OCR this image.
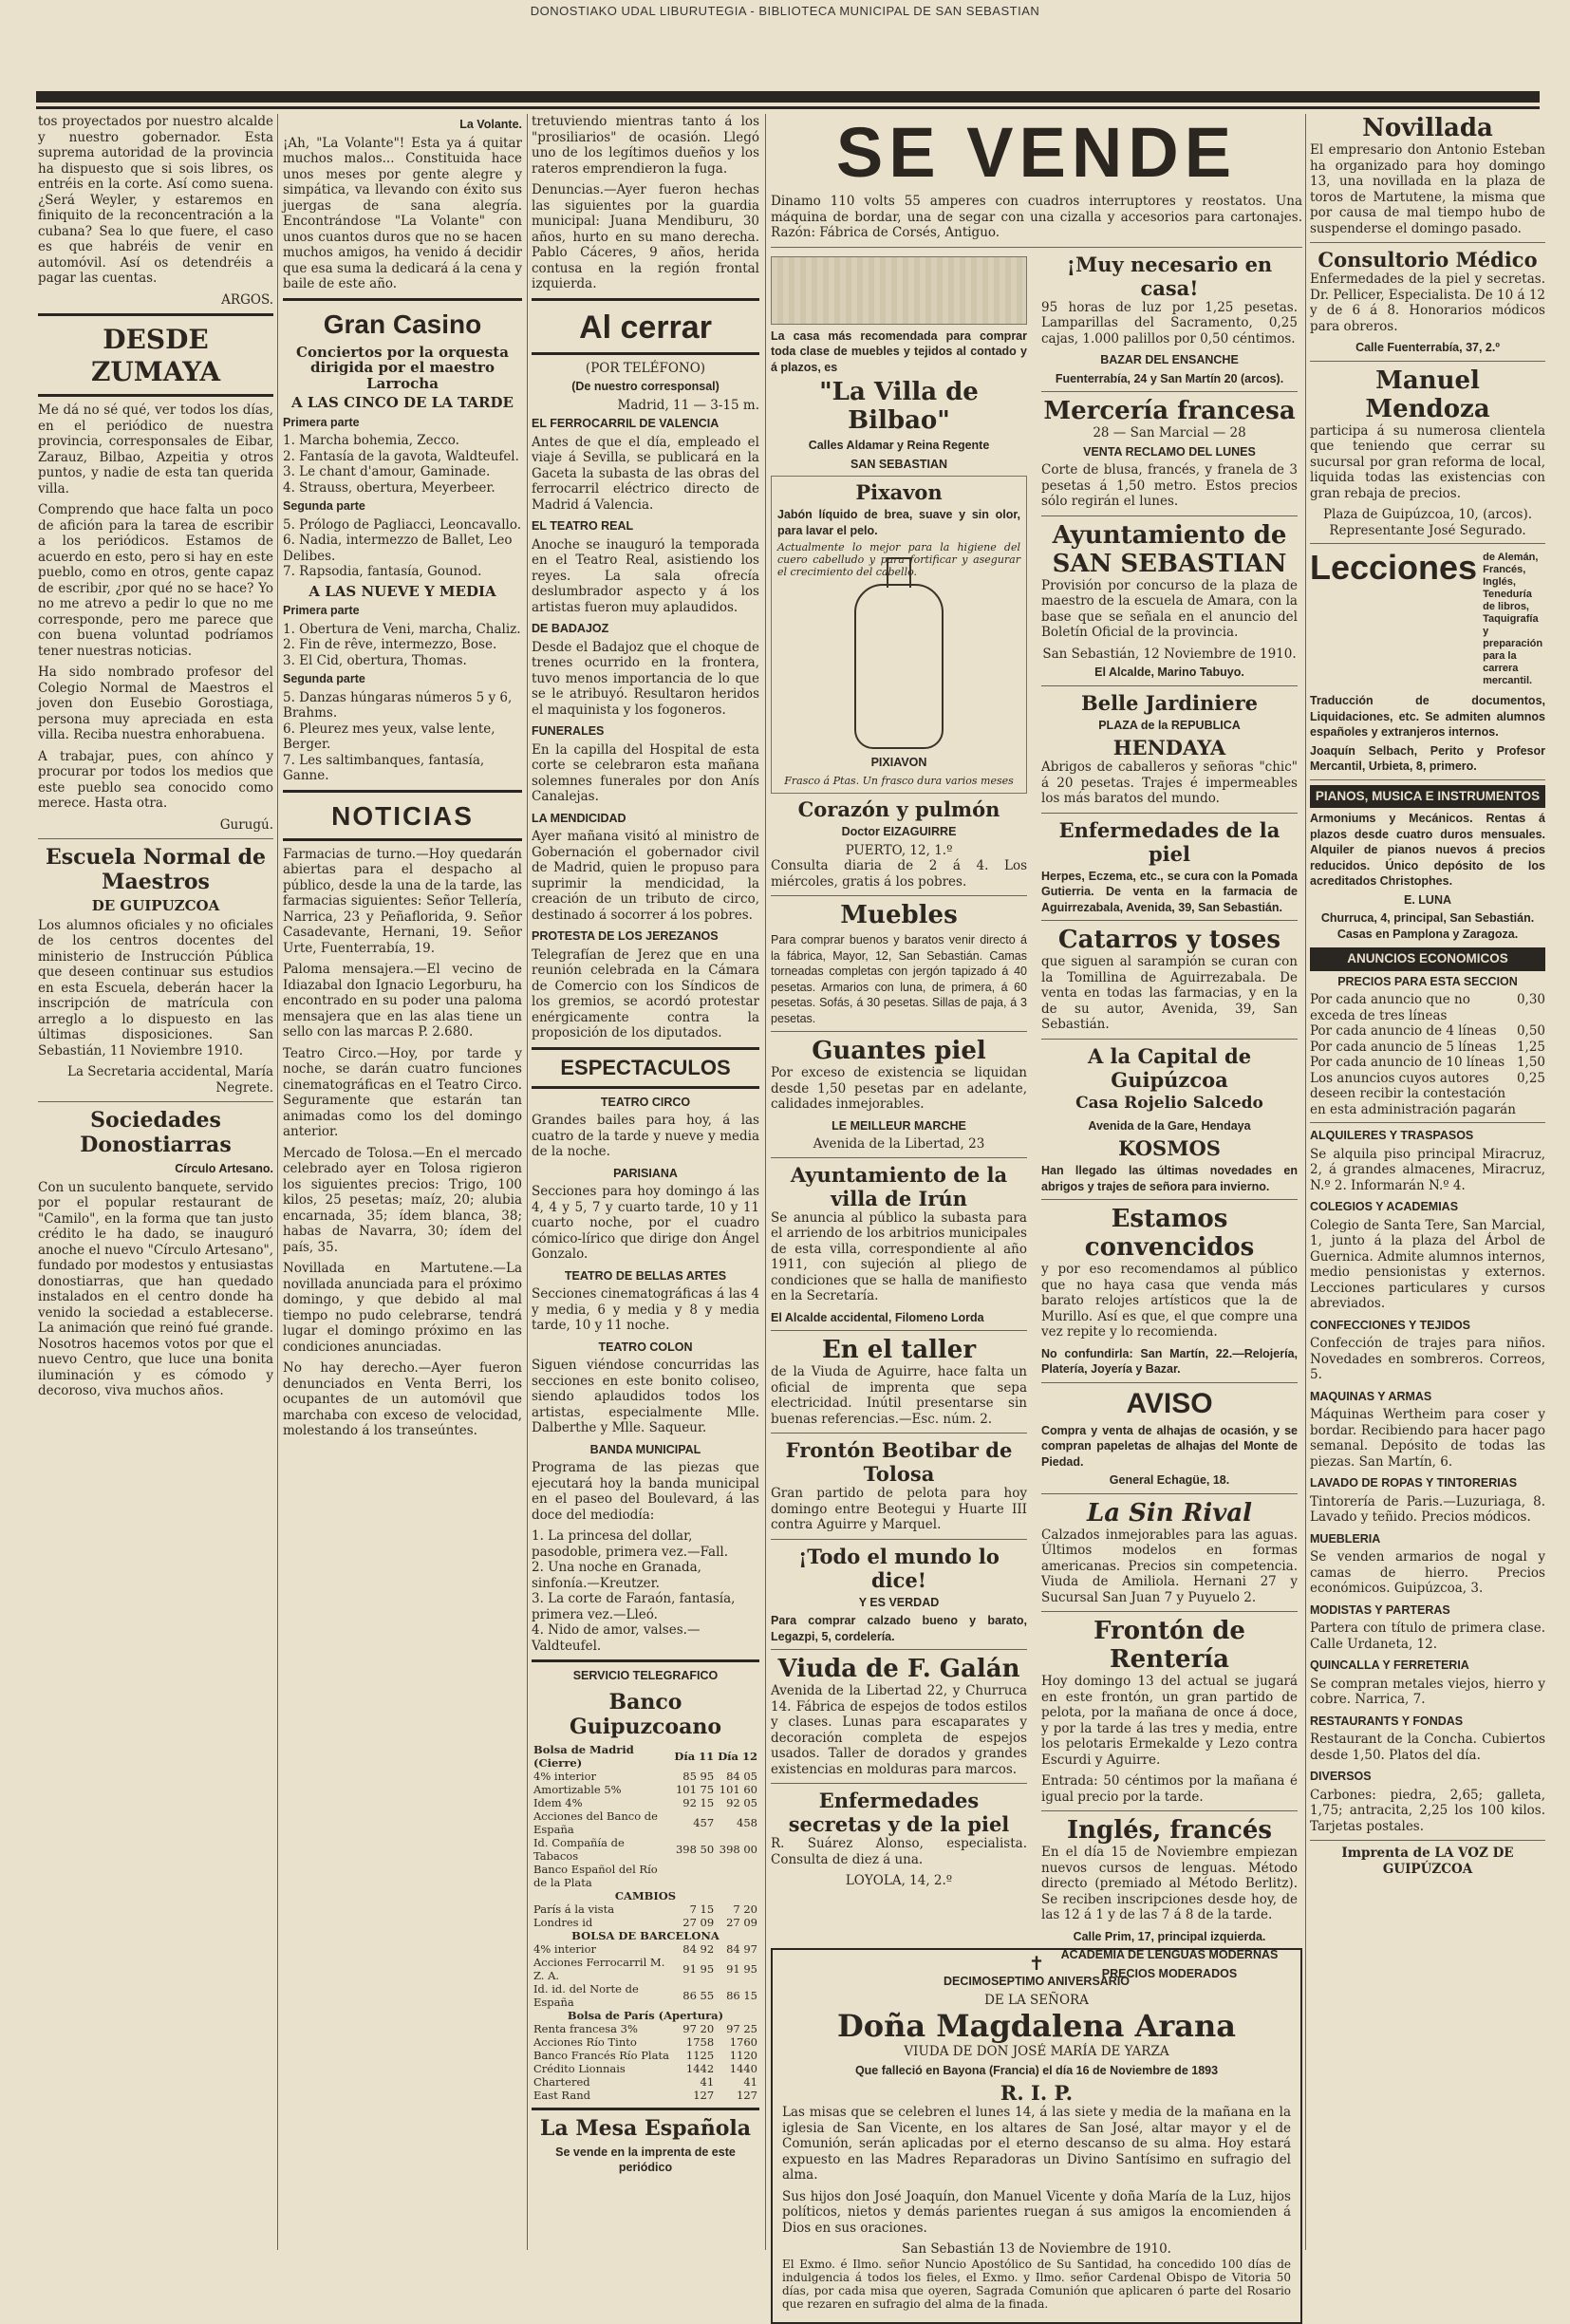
DONOSTIAKO UDAL LIBURUTEGIA - BIBLIOTECA MUNICIPAL DE SAN SEBASTIAN

tos proyectados por nuestro alcalde y nuestro gobernador. Esta suprema autoridad de la provincia ha dispuesto que si sois libres, os entréis en la corte. Así como suena. ¿Será Weyler, y estaremos en finiquito de la reconcentración a la cubana? Sea lo que fuere, el caso es que habréis de venir en automóvil. Así os detendréis a pagar las cuentas.

ARGOS.

DESDE ZUMAYA

Me dá no sé qué, ver todos los días, en el periódico de nuestra provincia, corresponsales de Eibar, Zarauz, Bilbao, Azpeitia y otros puntos, y nadie de esta tan querida villa.

Comprendo que hace falta un poco de afición para la tarea de escribir a los periódicos. Estamos de acuerdo en esto, pero si hay en este pueblo, como en otros, gente capaz de escribir, ¿por qué no se hace? Yo no me atrevo a pedir lo que no me corresponde, pero me parece que con buena voluntad podríamos tener nuestras noticias.

Ha sido nombrado profesor del Colegio Normal de Maestros el joven don Eusebio Gorostiaga, persona muy apreciada en esta villa. Reciba nuestra enhorabuena.

A trabajar, pues, con ahínco y procurar por todos los medios que este pueblo sea conocido como merece. Hasta otra.

Gurugú.

Escuela Normal de Maestros
DE GUIPUZCOA

Los alumnos oficiales y no oficiales de los centros docentes del ministerio de Instrucción Pública que deseen continuar sus estudios en esta Escuela, deberán hacer la inscripción de matrícula con arreglo a lo dispuesto en las últimas disposiciones. San Sebastián, 11 Noviembre 1910.

La Secretaria accidental, María Negrete.

Sociedades Donostiarras
Círculo Artesano.

Con un suculento banquete, servido por el popular restaurant de "Camilo", en la forma que tan justo crédito le ha dado, se inauguró anoche el nuevo "Círculo Artesano", fundado por modestos y entusiastas donostiarras, que han quedado instalados en el centro donde ha venido la sociedad a establecerse. La animación que reinó fué grande. Nosotros hacemos votos por que el nuevo Centro, que luce una bonita iluminación y es cómodo y decoroso, viva muchos años.

La Volante.

¡Ah, "La Volante"! Esta ya á quitar muchos malos... Constituida hace unos meses por gente alegre y simpática, va llevando con éxito sus juergas de sana alegría. Encontrándose "La Volante" con unos cuantos duros que no se hacen muchos amigos, ha venido á decidir que esa suma la dedicará á la cena y baile de este año.

Gran Casino
Conciertos por la orquesta dirigida por el maestro Larrocha
A LAS CINCO DE LA TARDE
Primera parte
1. Marcha bohemia, Zecco.
2. Fantasía de la gavota, Waldteufel.
3. Le chant d'amour, Gaminade.
4. Strauss, obertura, Meyerbeer.
Segunda parte
5. Prólogo de Pagliacci, Leoncavallo.
6. Nadia, intermezzo de Ballet, Leo Delibes.
7. Rapsodia, fantasía, Gounod.
A LAS NUEVE Y MEDIA
Primera parte
1. Obertura de Veni, marcha, Chaliz.
2. Fin de rêve, intermezzo, Bose.
3. El Cid, obertura, Thomas.
Segunda parte
5. Danzas húngaras números 5 y 6, Brahms.
6. Pleurez mes yeux, valse lente, Berger.
7. Les saltimbanques, fantasía, Ganne.
NOTICIAS

Farmacias de turno.—Hoy quedarán abiertas para el despacho al público, desde la una de la tarde, las farmacias siguientes: Señor Tellería, Narrica, 23 y Peñaflorida, 9. Señor Casadevante, Hernani, 19. Señor Urte, Fuenterrabía, 19.

Paloma mensajera.—El vecino de Idiazabal don Ignacio Legorburu, ha encontrado en su poder una paloma mensajera que en las alas tiene un sello con las marcas P. 2.680.

Teatro Circo.—Hoy, por tarde y noche, se darán cuatro funciones cinematográficas en el Teatro Circo. Seguramente que estarán tan animadas como los del domingo anterior.

Mercado de Tolosa.—En el mercado celebrado ayer en Tolosa rigieron los siguientes precios: Trigo, 100 kilos, 25 pesetas; maíz, 20; alubia encarnada, 35; ídem blanca, 38; habas de Navarra, 30; ídem del país, 35.

Novillada en Martutene.—La novillada anunciada para el próximo domingo, y que debido al mal tiempo no pudo celebrarse, tendrá lugar el domingo próximo en las condiciones anunciadas.

No hay derecho.—Ayer fueron denunciados en Venta Berri, los ocupantes de un automóvil que marchaba con exceso de velocidad, molestando á los transeúntes.

tretuviendo mientras tanto á los "prosiliarios" de ocasión. Llegó uno de los legítimos dueños y los rateros emprendieron la fuga.

Denuncias.—Ayer fueron hechas las siguientes por la guardia municipal: Juana Mendiburu, 30 años, hurto en su mano derecha. Pablo Cáceres, 9 años, herida contusa en la región frontal izquierda.

Al cerrar
(POR TELÉFONO)
(De nuestro corresponsal)
Madrid, 11 — 3-15 m.
EL FERROCARRIL DE VALENCIA

Antes de que el día, empleado el viaje á Sevilla, se publicará en la Gaceta la subasta de las obras del ferrocarril eléctrico directo de Madrid á Valencia.

EL TEATRO REAL

Anoche se inauguró la temporada en el Teatro Real, asistiendo los reyes. La sala ofrecía deslumbrador aspecto y á los artistas fueron muy aplaudidos.

DE BADAJOZ

Desde el Badajoz que el choque de trenes ocurrido en la frontera, tuvo menos importancia de lo que se le atribuyó. Resultaron heridos el maquinista y los fogoneros.

FUNERALES

En la capilla del Hospital de esta corte se celebraron esta mañana solemnes funerales por don Anís Canalejas.

LA MENDICIDAD

Ayer mañana visitó al ministro de Gobernación el gobernador civil de Madrid, quien le propuso para suprimir la mendicidad, la creación de un tributo de circo, destinado á socorrer á los pobres.

PROTESTA DE LOS JEREZANOS

Telegrafían de Jerez que en una reunión celebrada en la Cámara de Comercio con los Síndicos de los gremios, se acordó protestar enérgicamente contra la proposición de los diputados.

ESPECTACULOS
TEATRO CIRCO

Grandes bailes para hoy, á las cuatro de la tarde y nueve y media de la noche.

PARISIANA

Secciones para hoy domingo á las 4, 4 y 5, 7 y cuarto tarde, 10 y 11 cuarto noche, por el cuadro cómico-lírico que dirige don Ángel Gonzalo.

TEATRO DE BELLAS ARTES

Secciones cinematográficas á las 4 y media, 6 y media y 8 y media tarde, 10 y 11 noche.

TEATRO COLON

Siguen viéndose concurridas las secciones en este bonito coliseo, siendo aplaudidos todos los artistas, especialmente Mlle. Dalberthe y Mlle. Saqueur.

BANDA MUNICIPAL

Programa de las piezas que ejecutará hoy la banda municipal en el paseo del Boulevard, á las doce del mediodía:

1. La princesa del dollar, pasodoble, primera vez.—Fall.
2. Una noche en Granada, sinfonía.—Kreutzer.
3. La corte de Faraón, fantasía, primera vez.—Lleó.
4. Nido de amor, valses.—Valdteufel.
SERVICIO TELEGRAFICO
Banco Guipuzcoano
Bolsa de Madrid (Cierre)	Día 11	Día 12
4% interior	85 95	84 05
Amortizable 5%	101 75	101 60
Idem 4%	92 15	92 05
Acciones del Banco de España	457	458
Id. Compañía de Tabacos	398 50	398 00
Banco Español del Río de la Plata		
CAMBIOS		
París á la vista	7 15	7 20
Londres id	27 09	27 09
BOLSA DE BARCELONA		
4% interior	84 92	84 97
Acciones Ferrocarril M. Z. A.	91 95	91 95
Id. id. del Norte de España	86 55	86 15
Bolsa de París (Apertura)		
Renta francesa 3%	97 20	97 25
Acciones Río Tinto	1758	1760
Banco Francés Río Plata	1125	1120
Crédito Lionnais	1442	1440
Chartered	41	41
East Rand	127	127
La Mesa Española
Se vende en la imprenta de este periódico
SE VENDE

Dinamo 110 volts 55 amperes con cuadros interruptores y reostatos. Una máquina de bordar, una de segar con una cizalla y accesorios para cartonajes. Razón: Fábrica de Corsés, Antiguo.

La casa más recomendada para comprar toda clase de muebles y tejidos al contado y á plazos, es

"La Villa de Bilbao"
Calles Aldamar y Reina Regente
SAN SEBASTIAN
Pixavon

Jabón líquido de brea, suave y sin olor, para lavar el pelo.

Actualmente lo mejor para la higiene del cuero cabelludo y para fortificar y asegurar el crecimiento del cabello.

PIXIAVON
Frasco á Ptas. Un frasco dura varios meses
Corazón y pulmón
Doctor EIZAGUIRRE
PUERTO, 12, 1.º

Consulta diaria de 2 á 4. Los miércoles, gratis á los pobres.

Muebles

Para comprar buenos y baratos venir directo á la fábrica, Mayor, 12, San Sebastián. Camas torneadas completas con jergón tapizado á 40 pesetas. Armarios con luna, de primera, á 60 pesetas. Sofás, á 30 pesetas. Sillas de paja, á 3 pesetas.

Guantes piel

Por exceso de existencia se liquidan desde 1,50 pesetas par en adelante, calidades inmejorables.

LE MEILLEUR MARCHE
Avenida de la Libertad, 23
Ayuntamiento de la villa de Irún

Se anuncia al público la subasta para el arriendo de los arbitrios municipales de esta villa, correspondiente al año 1911, con sujeción al pliego de condiciones que se halla de manifiesto en la Secretaría.

El Alcalde accidental, Filomeno Lorda
En el taller

de la Viuda de Aguirre, hace falta un oficial de imprenta que sepa electricidad. Inútil presentarse sin buenas referencias.—Esc. núm. 2.

Frontón Beotibar de Tolosa

Gran partido de pelota para hoy domingo entre Beotegui y Huarte III contra Aguirre y Marquel.

¡Todo el mundo lo dice!
Y ES VERDAD

Para comprar calzado bueno y barato, Legazpi, 5, cordelería.

Viuda de F. Galán

Avenida de la Libertad 22, y Churruca 14. Fábrica de espejos de todos estilos y clases. Lunas para escaparates y decoración completa de espejos usados. Taller de dorados y grandes existencias en molduras para marcos.

Enfermedades secretas y de la piel

R. Suárez Alonso, especialista. Consulta de diez á una.

LOYOLA, 14, 2.º
¡Muy necesario en casa!

95 horas de luz por 1,25 pesetas. Lamparillas del Sacramento, 0,25 cajas, 1.000 palillos por 0,50 céntimos.

BAZAR DEL ENSANCHE
Fuenterrabía, 24 y San Martín 20 (arcos).
Mercería francesa
28 — San Marcial — 28
VENTA RECLAMO DEL LUNES

Corte de blusa, francés, y franela de 3 pesetas á 1,50 metro. Estos precios sólo regirán el lunes.

Ayuntamiento de
SAN SEBASTIAN

Provisión por concurso de la plaza de maestro de la escuela de Amara, con la base que se señala en el anuncio del Boletín Oficial de la provincia.

San Sebastián, 12 Noviembre de 1910.
El Alcalde, Marino Tabuyo.
Belle Jardiniere
PLAZA de la REPUBLICA
HENDAYA

Abrigos de caballeros y señoras "chic" á 20 pesetas. Trajes é impermeables los más baratos del mundo.

Enfermedades de la piel

Herpes, Eczema, etc., se cura con la Pomada Gutierria. De venta en la farmacia de Aguirrezabala, Avenida, 39, San Sebastián.

Catarros y toses

que siguen al sarampión se curan con la Tomillina de Aguirrezabala. De venta en todas las farmacias, y en la de su autor, Avenida, 39, San Sebastián.

A la Capital de Guipúzcoa
Casa Rojelio Salcedo
Avenida de la Gare, Hendaya
KOSMOS

Han llegado las últimas novedades en abrigos y trajes de señora para invierno.

Estamos convencidos

y por eso recomendamos al público que no haya casa que venda más barato relojes artísticos que la de Murillo. Así es que, el que compre una vez repite y lo recomienda.

No confundirla: San Martín, 22.—Relojería, Platería, Joyería y Bazar.

AVISO

Compra y venta de alhajas de ocasión, y se compran papeletas de alhajas del Monte de Piedad.

General Echagüe, 18.
La Sin Rival

Calzados inmejorables para las aguas. Últimos modelos en formas americanas. Precios sin competencia. Viuda de Amiliola. Hernani 27 y Sucursal San Juan 7 y Puyuelo 2.

Frontón de Rentería

Hoy domingo 13 del actual se jugará en este frontón, un gran partido de pelota, por la mañana de once á doce, y por la tarde á las tres y media, entre los pelotaris Ermekalde y Lezo contra Escurdi y Aguirre.

Entrada: 50 céntimos por la mañana é igual precio por la tarde.

Inglés, francés

En el día 15 de Noviembre empiezan nuevos cursos de lenguas. Método directo (premiado al Método Berlitz). Se reciben inscripciones desde hoy, de las 12 á 1 y de las 7 á 8 de la tarde.

Calle Prim, 17, principal izquierda.
ACADEMIA DE LENGUAS MODERNAS
PRECIOS MODERADOS
✝
DECIMOSEPTIMO ANIVERSARIO
DE LA SEÑORA
Doña Magdalena Arana
VIUDA DE DON JOSÉ MARÍA DE YARZA
Que falleció en Bayona (Francia) el día 16 de Noviembre de 1893
R. I. P.

Las misas que se celebren el lunes 14, á las siete y media de la mañana en la iglesia de San Vicente, en los altares de San José, altar mayor y el de Comunión, serán aplicadas por el eterno descanso de su alma. Hoy estará expuesto en las Madres Reparadoras un Divino Santísimo en sufragio del alma.

Sus hijos don José Joaquín, don Manuel Vicente y doña María de la Luz, hijos políticos, nietos y demás parientes ruegan á sus amigos la encomienden á Dios en sus oraciones.

San Sebastián 13 de Noviembre de 1910.

El Exmo. é Ilmo. señor Nuncio Apostólico de Su Santidad, ha concedido 100 días de indulgencia á todos los fieles, el Exmo. y Ilmo. señor Cardenal Obispo de Vitoria 50 días, por cada misa que oyeren, Sagrada Comunión que aplicaren ó parte del Rosario que rezaren en sufragio del alma de la finada.

Novillada

El empresario don Antonio Esteban ha organizado para hoy domingo 13, una novillada en la plaza de toros de Martutene, la misma que por causa de mal tiempo hubo de suspenderse el domingo pasado.

Consultorio Médico

Enfermedades de la piel y secretas. Dr. Pellicer, Especialista. De 10 á 12 y de 6 á 8. Honorarios módicos para obreros.

Calle Fuenterrabía, 37, 2.º
Manuel Mendoza

participa á su numerosa clientela que teniendo que cerrar su sucursal por gran reforma de local, liquida todas las existencias con gran rebaja de precios.

Plaza de Guipúzcoa, 10, (arcos). Representante José Segurado.
Lecciones de Alemán, Francés, Inglés, Teneduría de libros, Taquigrafía y preparación para la carrera mercantil.

Traducción de documentos, Liquidaciones, etc. Se admiten alumnos españoles y extranjeros internos.

Joaquín Selbach, Perito y Profesor Mercantil, Urbieta, 8, primero.

PIANOS, MUSICA E INSTRUMENTOS

Armoniums y Mecánicos. Rentas á plazos desde cuatro duros mensuales. Alquiler de pianos nuevos á precios reducidos. Único depósito de los acreditados Christophes.

E. LUNA
Churruca, 4, principal, San Sebastián. Casas en Pamplona y Zaragoza.
ANUNCIOS ECONOMICOS
PRECIOS PARA ESTA SECCION
Por cada anuncio que no exceda de tres líneas
0,30
Por cada anuncio de 4 líneas 0,50
Por cada anuncio de 5 líneas 1,25
Por cada anuncio de 10 líneas 1,50
Los anuncios cuyos autores deseen recibir la contestación en esta administración pagarán
0,25
ALQUILERES Y TRASPASOS

Se alquila piso principal Miracruz, 2, á grandes almacenes, Miracruz, N.º 2. Informarán N.º 4.

COLEGIOS Y ACADEMIAS

Colegio de Santa Tere, San Marcial, 1, junto á la plaza del Árbol de Guernica. Admite alumnos internos, medio pensionistas y externos. Lecciones particulares y cursos abreviados.

CONFECCIONES Y TEJIDOS

Confección de trajes para niños. Novedades en sombreros. Correos, 5.

MAQUINAS Y ARMAS

Máquinas Wertheim para coser y bordar. Recibiendo para hacer pago semanal. Depósito de todas las piezas. San Martín, 6.

LAVADO DE ROPAS Y TINTORERIAS

Tintorería de Paris.—Luzuriaga, 8. Lavado y teñido. Precios módicos.

MUEBLERIA

Se venden armarios de nogal y camas de hierro. Precios económicos. Guipúzcoa, 3.

MODISTAS Y PARTERAS

Partera con título de primera clase. Calle Urdaneta, 12.

QUINCALLA Y FERRETERIA

Se compran metales viejos, hierro y cobre. Narrica, 7.

RESTAURANTS Y FONDAS

Restaurant de la Concha. Cubiertos desde 1,50. Platos del día.

DIVERSOS

Carbones: piedra, 2,65; galleta, 1,75; antracita, 2,25 los 100 kilos. Tarjetas postales.

Imprenta de LA VOZ DE GUIPÚZCOA
